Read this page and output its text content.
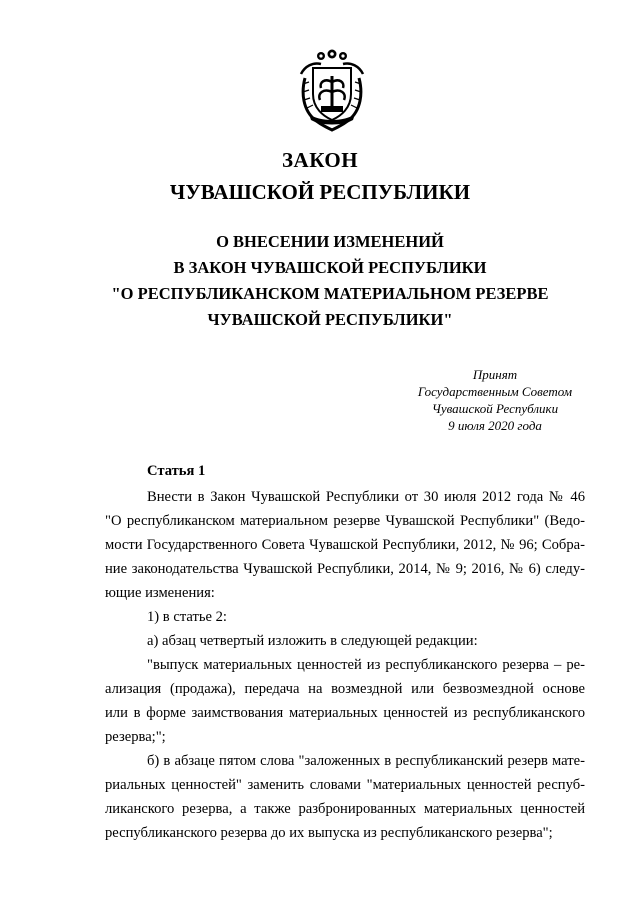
ЗАКОН
ЧУВАШСКОЙ РЕСПУБЛИКИ
О ВНЕСЕНИИ ИЗМЕНЕНИЙ
В ЗАКОН ЧУВАШСКОЙ РЕСПУБЛИКИ
"О РЕСПУБЛИКАНСКОМ МАТЕРИАЛЬНОМ РЕЗЕРВЕ
ЧУВАШСКОЙ РЕСПУБЛИКИ"
Принят
Государственным Советом
Чувашской Республики
9 июля 2020 года
Статья 1
Внести в Закон Чувашской Республики от 30 июля 2012 года № 46
"О республиканском материальном резерве Чувашской Республики" (Ведо-
мости Государственного Совета Чувашской Республики, 2012, № 96; Собра-
ние законодательства Чувашской Республики, 2014, № 9; 2016, № 6) следу-
ющие изменения:
1) в статье 2:
а) абзац четвертый изложить в следующей редакции:
"выпуск материальных ценностей из республиканского резерва – ре-
ализация (продажа), передача на возмездной или безвозмездной основе
или в форме заимствования материальных ценностей из республиканского
резерва;";
б) в абзаце пятом слова "заложенных в республиканский резерв мате-
риальных ценностей" заменить словами "материальных ценностей респуб-
ликанского резерва, а также разбронированных материальных ценностей
республиканского резерва до их выпуска из республиканского резерва";
